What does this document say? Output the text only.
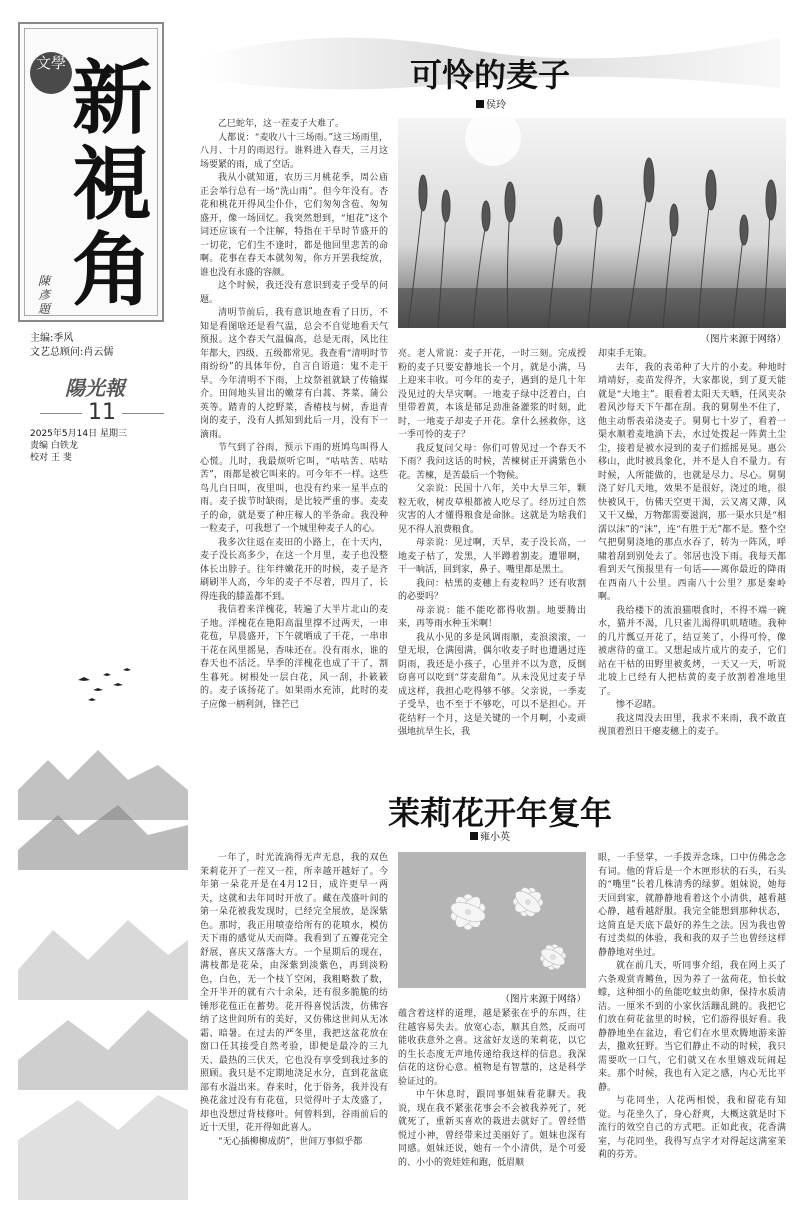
文學 新
視
角
陳彥題
主编:季风
文艺总顾问:肖云儒
陽光報
11
2025年5月14日 星期三
责编 白铁龙
校对 王 斐
可怜的麦子
侯玲

乙巳蛇年，这一茬麦子大难了。

人都说：“麦收八十三场雨。”这三场雨里，八月、十月的雨迟行。谁料进入春天，三月这场要紧的雨，成了空话。

我从小就知道，农历三月桃花季，周公庙正会举行总有一场“洗山雨”。但今年没有。杏花和桃花开得风尘仆仆，它们匆匆含苞、匆匆盛开，像一场回忆。我突然想到，“旭花”这个词还应该有一个注解，特指在干旱时节盛开的一切花，它们生不逢时，都是他回里悲苦的命啊。花事在春天本就匆匆，你方开罢我绽放，谁也没有永盛的容颜。

这个时候，我还没有意识到麦子受旱的问题。

清明节前后，我有意识地查看了日历，不知是看图啥还是看气温，总会不自觉地看天气预报。这个春天气温偏高，总是无雨，风比往年都大，四级、五级都常见。我查看“清明时节雨纷纷”的具体年份，自言自语道：鬼不走干旱。今年清明不下雨，上坟祭祖就缺了传输媒介。田间地头冒出的嫩芽有白蒿、荠菜、蒲公英等。踏青的人挖野菜，香椿枝与树，香退青岗的麦子，没有人抓知到此后一月，没有下一滴雨。

节气到了谷雨，预示下雨的班鸠鸟叫得人心慌。儿时，我最烦听它叫，“咕咕苦、咕咕苦”，雨都是被它叫来的。可今年不一样。这些鸟儿白日叫，夜里叫，也没有约来一星半点的雨。麦子拔节时缺雨，是比较严重的事。麦麦子的命，就是要了种庄稼人的半条命。我没种一粒麦子，可我想了一个城里种麦子人的心。

我多次往返在麦田的小路上，在十天内，麦子没长高多少，在这一个月里，麦子也没整体长出脖子。往年绊嫩花开的时候，麦子是齐刷刷半人高，今年的麦子不尽着，四月了，长得连我的膝盖都不到。

我信着来洋槐花，转遍了大半片北山的麦子地。洋槐花在艳阳高温里撑不过两天，一串花苞，早晨盛开，下午就晒成了干花，一串串干花在风里摇晃，香味还在。没有雨水，谁的春天也不活泛。旱季的洋槐花也成了干了，割生暮死。树根处一层白花，风一刮，扑簌簌的。麦子该扬花了。如果雨水充沛，此时的麦子应像一柄利剑，锋芒已

（图片来源于网络）

亮。老人常说：麦子开花，一时三刻。完成授粉的麦子只要安静地长一个月，就是小满，马上迎来丰收。可今年的麦子，遇到的是几十年没见过的大旱灾啊。一地麦子绿中泛着白，白里带着黄，本该是郁足劲准备灌浆的时刻，此时，一地麦子却麦子开花。拿什么拯救你，这一季可怜的麦子？

我反复问父母：你们可曾见过一个春天不下雨？我问这话的时候，苦楝树正开满紫色小花。苦楝，是苦最后一个物候。

父亲说：民国十八年，关中大旱三年，颗粒无收，树皮草根都被人吃尽了。经历过自然灾害的人才懂得粮食是命脉。这就是为啥我们见不得人浪费粮食。

母亲说：见过啊，天旱，麦子没长高，一地麦子枯了，发黑，人半蹲着割麦。遭罪啊，干一晌活，回到家，鼻子、嘴里都是黑土。

我问：枯黑的麦穗上有麦粒吗？还有收割的必要吗？

母亲说：能不能吃都得收割。地要腾出来，再等雨水种玉米啊！

我从小见的多是风调雨顺，麦浪滚滚，一望无垠，仓满囤满，偶尔收麦子时也遭遇过连阴雨，我还是小孩子，心里并不以为意，反倒窃喜可以吃到“芽麦甜角”。从未没见过麦子旱成这样，我担心吃得够不够。父亲说，一季麦子受旱，也不至于不够吃，可以不是担心。开花结籽一个月，这是关键的一个月啊，小麦顽强地抗旱生长，我

却束手无策。

去年，我的表弟种了大片的小麦。种地时靖靖好，麦苗发得齐，大家都说，到了夏天能就是“大地主”。眼看着太阳天天晒，任风夹杂着风沙每天下午都在刮。我的舅舅坐不住了，他主动帮表弟浇麦子。舅舅七十岁了，看着一渠水顺着麦地淌下去，水过处拨起一阵黄土尘尘，接着是被水浸到的麦子们摇摇晃晃。惠公移山，此时被具象化，并不是人自不量力。有时候，人所能做的，也就是尽力、尽心。舅舅浇了好几天地，效果不是很好，浇过的地，很快被风干，仿佛天空更干渴，云又离又薄，风又干又燥，万物都需要滋润，那一渠水只是“相濡以沫”的“沫”，连“有胜于无”都不是。整个空气把舅舅浇地的那点水吞了，转为一阵风，呼啸着刮到别处去了。邻居也没下雨。我每天都看到天气预报里有一句话——离你最近的降雨在西南八十公里。西南八十公里？那是秦岭啊。

我给楼下的流浪猫喂食时，不得不端一碗水，猫并不渴，几只雀儿渴得叽叽喳喳。我种的几片瓢豆开花了，结豆荚了，小得可怜，像被虐待的童工。又想起成片成片的麦子，它们站在干枯的田野里被炙烤，一天又一天，听说北坡上已经有人把枯黄的麦子放割着准地里了。

惨不忍睹。

我这周没去田里，我求不来雨，我不敢直视顶着烈日干瘪麦穗上的麦子。

茉莉花开年复年
雍小英

一年了，时光流淌得无声无息，我的双色茉莉花开了一茬又一茬，所幸越开越好了。今年第一朵花开是在4月12日，成许更早一两天，这就和去年同时开放了。藏在茂盛叶间的第一朵花被我发现时，已经完全展放，是深紫色。那时，我正用喷壶给所有的花喷水，模仿天下雨的感觉从天而降。我看到了五瓣花完全舒展，喜庆又落落大方。一个星期后的现在，满枝都是花朵，由深紫到淡紫色，再到淡粉色，白色，无一个枝丫空闲，我粗略数了数，全开半开的就有六十余朵，还有很多脆脆的纺锤形花苞正在蓄势。花开得喜悦活泼，仿佛容纳了这世间所有的美好，又仿佛这世间从无冰霜、暗暑。在过去的严冬里，我把这盆花放在窗口任其接受自然考验，即便是最冷的三九天、最热的三伏天，它也没有享受到我过多的照顾。我只是不定期地浇足水分，直到花盆底部有水溢出来。春来时，化于俗务，我并没有换花盆过没有有花苞，只觉得叶子太茂盛了，却也没想过背枝修叶。何曾料到，谷雨前后的近十天里，花开得如此喜人。

“无心插柳柳成荫”，世间万事似乎都

（图片来源于网络）

蕴含着这样的道理，越是紧张在乎的东西，往往越容易失去。放宽心态，顺其自然，反而可能收获意外之喜。这盆好友送的茉莉花，以它的生长态度无声地传递给我这样的信息。我深信花的这份心意。植物是有智慧的，这是科学验证过的。

中午休息时，跟同事姐妹看花聊天。我说，现在我不紧张花事会不会被我养死了，死就死了，重新买喜欢的栽进去就好了。曾经惜悦过小神，曾经带来过美丽好了。姐妹也深有同感。姐妹还说，她有一个小清供，是个可爱的、小小的瓷娃娃和跑，低眉顺

眼，一手竖掌，一手拨弄念珠，口中仿佛念念有词。他的背后是一个木匣形状的石头，石头的“嘴里”长着几株清秀的绿萝。姐妹说，她每天回到家，就静静地看着这个小清供，越看越心静，越看越舒服。我完全能想到那种状态，这简直是天底下最好的养生之法。因为我也曾有过类似的体验，我和我的双子兰也曾经这样静静地对坐过。

就在前几天，听同事介绍，我在网上买了六条观赏青鳉鱼，因为养了一盆荷花，怕长蚊蠓，这种细小的鱼能吃蚊虫幼卵，保持水质清洁。一厘米不到的小家伙活蹦乱跳的。我把它们放在荷花盆里的时候，它们游得很好看。我静静地坐在盆边，看它们在水里欢腾地游来游去，撒欢狂野。当它们静止不动的时候，我只需要吹一口气，它们就又在水里嬉戏玩闹起来。那个时候，我也有入定之感，内心无比平静。

与花同坐，人花两相悦，我和留花有知觉。与花坐久了，身心舒爽，大概这就是时下流行的效空自己的方式吧。正如此夜，花香满室，与花同坐，我得写点字才对得起这满室茉莉的芬芳。
